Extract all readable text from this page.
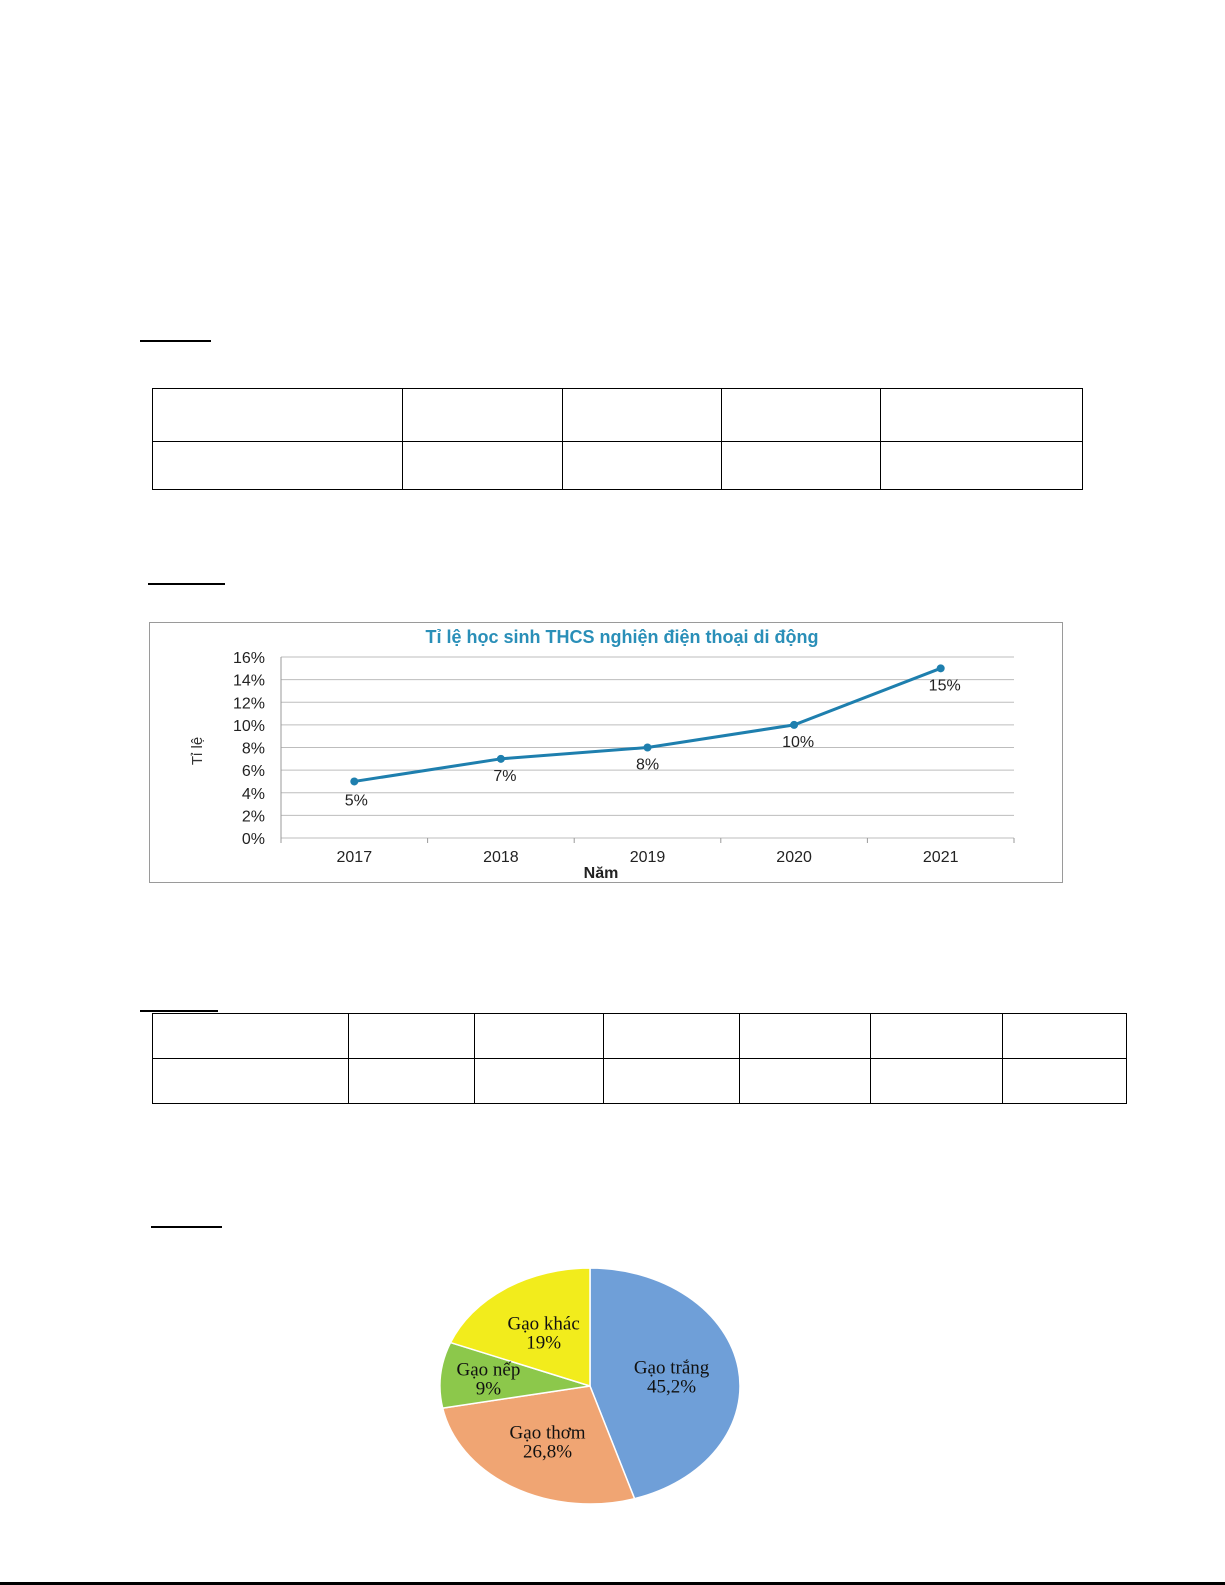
Tỉ lệ học sinh THCS nghiện điện thoại di động
Tỉ lệ
Năm
0%
2%
4%
6%
8%
10%
12%
14%
16%
2017	2018	2019	2020	2021
5%
7%
8%
10%
15%

Gạo trắng
45,2%
Gạo thơm
26,8%
Gạo nếp
9%
Gạo khác
19%
